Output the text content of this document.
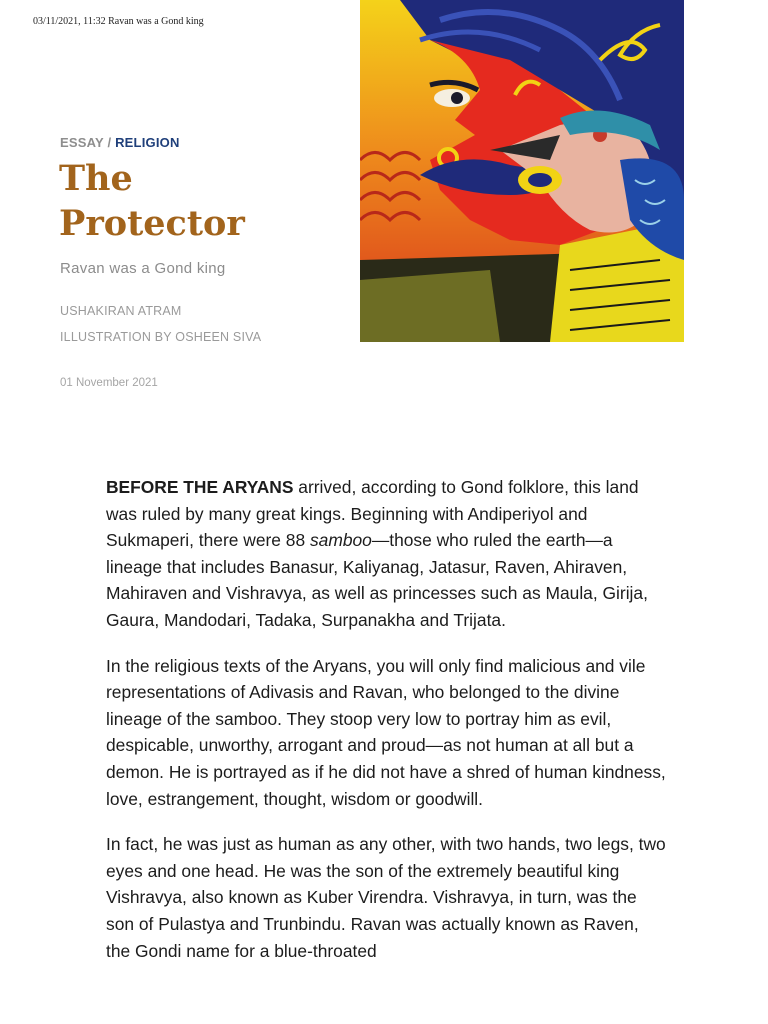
03/11/2021, 11:32 Ravan was a Gond king
ESSAY / RELIGION
The
Protector
Ravan was a Gond king
USHAKIRAN ATRAM
ILLUSTRATION BY OSHEEN SIVA
01 November 2021

BEFORE THE ARYANS arrived, according to Gond folklore, this land was ruled by many great kings. Beginning with Andiperiyol and Sukmaperi, there were 88 samboo—those who ruled the earth—a lineage that includes Banasur, Kaliyanag, Jatasur, Raven, Ahiraven, Mahiraven and Vishravya, as well as princesses such as Maula, Girija, Gaura, Mandodari, Tadaka, Surpanakha and Trijata.

In the religious texts of the Aryans, you will only find malicious and vile representations of Adivasis and Ravan, who belonged to the divine lineage of the samboo. They stoop very low to portray him as evil, despicable, unworthy, arrogant and proud—as not human at all but a demon. He is portrayed as if he did not have a shred of human kindness, love, estrangement, thought, wisdom or goodwill.

In fact, he was just as human as any other, with two hands, two legs, two eyes and one head. He was the son of the extremely beautiful king Vishravya, also known as Kuber Virendra. Vishravya, in turn, was the son of Pulastya and Trunbindu. Ravan was actually known as Raven, the Gondi name for a blue-throated
